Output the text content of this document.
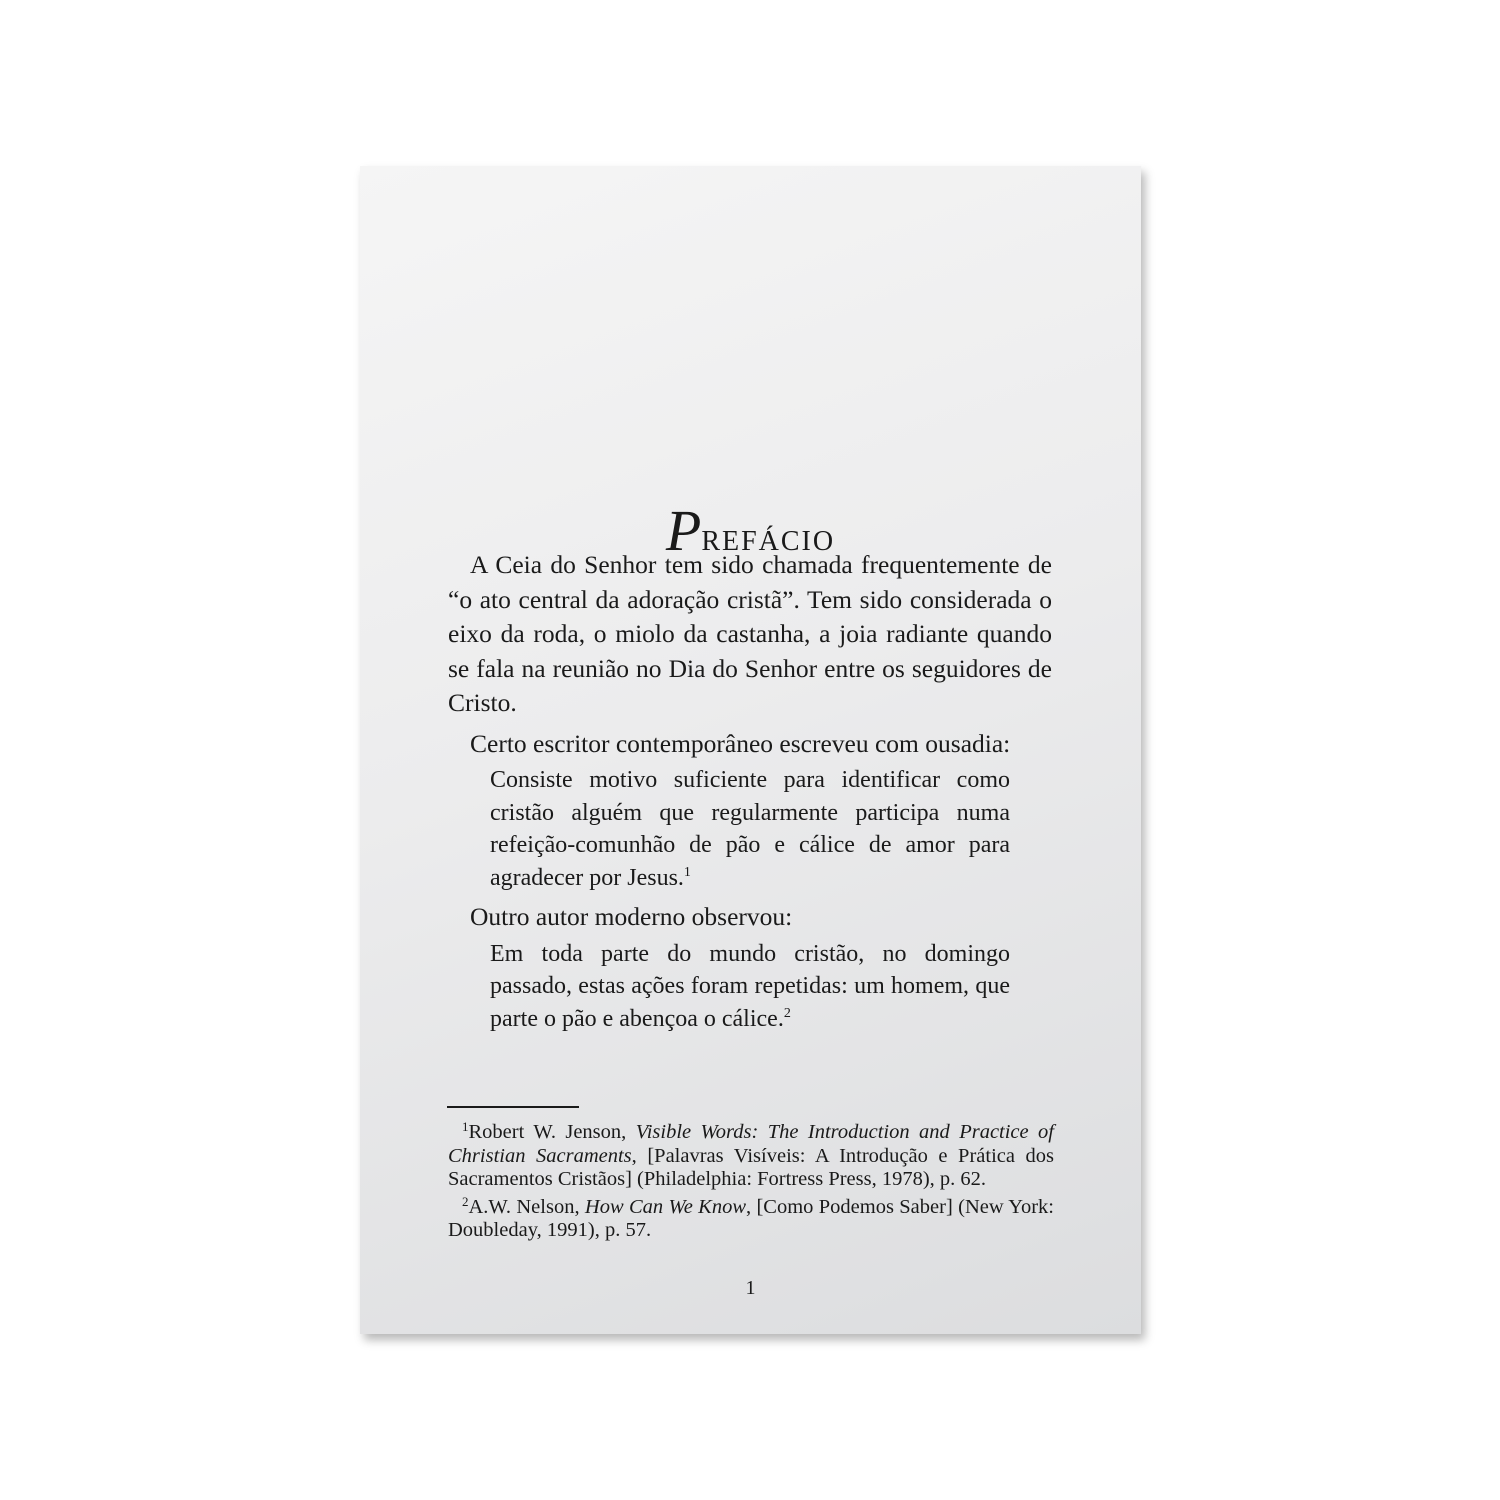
Prefácio

A Ceia do Senhor tem sido chamada frequentemente de “o ato central da adoração cristã”. Tem sido considerada o eixo da roda, o miolo da castanha, a joia radiante quando se fala na reunião no Dia do Senhor entre os seguidores de Cristo.

Certo escritor contemporâneo escreveu com ousadia:

Consiste motivo suficiente para identificar como cristão alguém que regularmente participa numa refeição-comunhão de pão e cálice de amor para agradecer por Jesus.$^1$

Outro autor moderno observou:

Em toda parte do mundo cristão, no domingo passado, estas ações foram repetidas: um homem, que parte o pão e abençoa o cálice.$^2$

$^1$Robert W. Jenson, Visible Words: The Introduction and Practice of Christian Sacraments, [Palavras Visíveis: A Introdução e Prática dos Sacramentos Cristãos] (Philadelphia: Fortress Press, 1978), p. 62.

$^2$A.W. Nelson, How Can We Know, [Como Podemos Saber] (New York: Doubleday, 1991), p. 57.

1
